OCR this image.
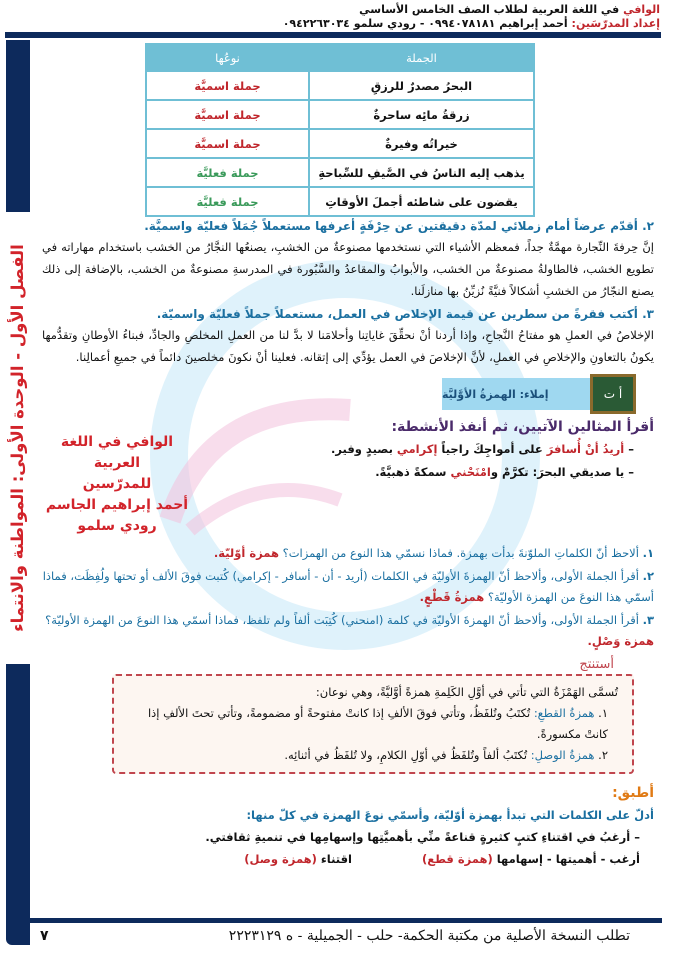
الوافي في اللغة العربية لطلاب الصف الخامس الأساسي
إعداد المدرّسَين: أحمد إبراهيم ٠٩٩٤٠٧٨١٨١ - رودي سلمو ٠٩٤٢٢٦٣٠٣٤
الفصل الأول - الوحدة الأولى: المواطنة والانتماء
الجملة	نوعُها
البحرُ مصدرٌ للرزقِ	جملة اسميَّة
زرقةُ مائِه ساحرةٌ	جملة اسميَّة
خيراتُه وفيرةٌ	جملة اسميَّة
يذهب إليه الناسُ في الصَّيفِ للسِّباحةِ	جملة فعليَّة
يقضون على شاطئه أجملَ الأوقاتِ	جملة فعليَّة
٢. أقدّم عرضاً أمام زملائي لمدّة دقيقتين عن حِرْفَةٍ أعرفها مستعملاً جُمَلاً فعليّة واسميَّة.
إنَّ حِرفةَ النِّجارة مهمَّةٌ جداً، فمعظم الأشياء التي نستخدمها مصنوعةٌ من الخشبِ، يصنعُها النجَّارُ من الخشب باستخدام مهاراته في تطويع الخشب، فالطاولةُ مصنوعةٌ من الخشب، والأبوابُ والمقاعدُ والسَّبُورة في المدرسةِ مصنوعةٌ من الخشب، بالإضافة إلى ذلك يصنع النجّارُ من الخشبِ أشكالاً فنيَّةً نُزيِّنُ بها منازلَنا.
٣. أكتب فقرةً من سطرين عن قيمة الإخلاص في العمل، مستعملاً جملاً فعليّة واسميّة.
الإخلاصُ في العملِ هو مفتاحُ النَّجاحِ، وإذا أردنا أنْ نحقِّقَ غاياتِنا وأحلامَنا لا بدَّ لنا من العملِ المخلصِ والجادِّ، فبناءُ الأوطانِ وتقدُّمها يكونُ بالتعاونِ والإخلاصِ في العملِ، لأنَّ الإخلاصَ في العمل يؤدِّي إلى إتقانه. فعلينا أنْ نكونَ مخلصينَ دائماً في جميعِ أعمالِنا.
إملاء: الهمزةُ الأوَّليَّة	أ ت
الوافي في اللغة العربية
للمدرّسين
أحمد إبراهيم الجاسم
رودي سلمو
أقرأ المثالين الآتيين، ثم أنفذ الأنشطة:
– أريدُ أنْ أُسافرَ على أمواجِكَ راجياً إكرامي بصيدٍ وفير.
– يا صديقي البحرَ: تكرَّمْ وامْنَحْني سمكةً ذهبيَّةً.
١. ألاحظ أنّ الكلماتِ الملوّنةَ بدأت بهمزة. فماذا نسمّي هذا النوع من الهمزات؟ همزة أوّليّة.
٢. أقرأ الجملة الأولى، وألاحظ أنّ الهمزةَ الأوليّة في الكلمات (أريد - أن - أسافر - إكرامي) كُتبت فوقَ الألف أو تحتها ولُفِظَت، فماذا أسمّي هذا النوعَ من الهمزة الأوليّة؟ همزةُ قَطْعٍ.
٣. أقرأ الجملة الأولى، وألاحظ أنّ الهمزةَ الأوليّة في كلمة (امنحني) كُتِبَت ألفاً ولم تلفظ، فماذا أسمّي هذا النوعَ من الهمزة الأوليّة؟ همزة وَصْلٍ.
أستنتج
تُسمَّى الهَمْزَةُ التي تأتي في أوَّلِ الكَلِمةِ همزةً أوَّليَّةً، وهي نوعان:
١. همزةُ القطعِ: تُكتَبُ وتُلفَظُ، وتأتي فوقَ الألفِ إذا كانتْ مفتوحةً أو مضمومةً، وتأتي تحتَ الألفِ إذا كانتْ مكسورةً.
٢. همزةُ الوصلِ: تُكتَبُ ألفاً وتُلفَظُ في أوّلِ الكلامِ، ولا تُلفَظُ في أثنائِه.
أطبق:
أدلّ على الكلمات التي تبدأ بهمزة أوّليّة، وأسمّي نوعَ الهمزة في كلّ منها:
– أرغبُ في اقتناءِ كتبٍ كثيرةٍ قناعةً منِّي بأهميَّتِها وإسهامِها في تنميةِ ثقافتي.
أرغب - أهميتها - إسهامها (همزة قطع)
اقتناء (همزة وصل)
تطلب النسخة الأصلية من مكتبة الحكمة- حلب - الجميلية - ه ٢٢٢٣١٢٩
٧
